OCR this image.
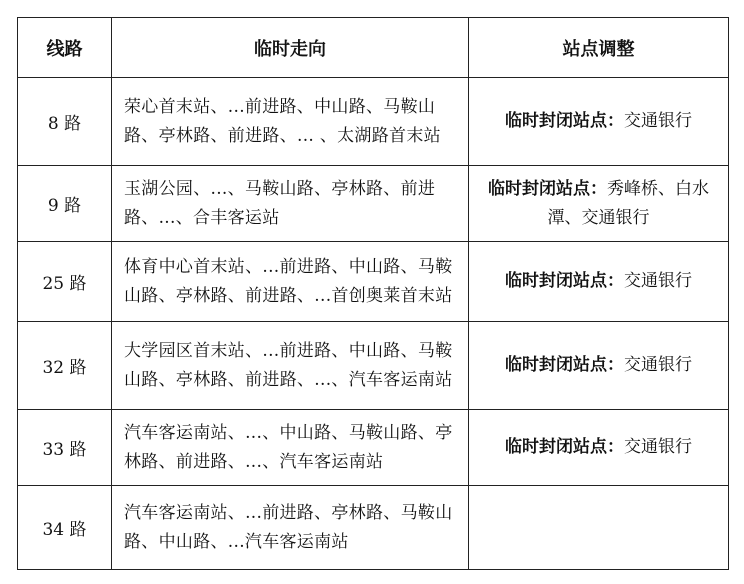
线路	临时走向	站点调整
8 路	荣心首末站、...前进路、中山路、马鞍山路、亭林路、前进路、... 、太湖路首末站	临时封闭站点：交通银行
9 路	玉湖公园、...、马鞍山路、亭林路、前进路、...、合丰客运站	临时封闭站点：秀峰桥、白水潭、交通银行
25 路	体育中心首末站、...前进路、中山路、马鞍山路、亭林路、前进路、...首创奥莱首末站	临时封闭站点：交通银行
32 路	大学园区首末站、...前进路、中山路、马鞍山路、亭林路、前进路、...、汽车客运南站	临时封闭站点：交通银行
33 路	汽车客运南站、...、中山路、马鞍山路、亭林路、前进路、...、汽车客运南站	临时封闭站点：交通银行
34 路	汽车客运南站、...前进路、亭林路、马鞍山路、中山路、...汽车客运南站	
